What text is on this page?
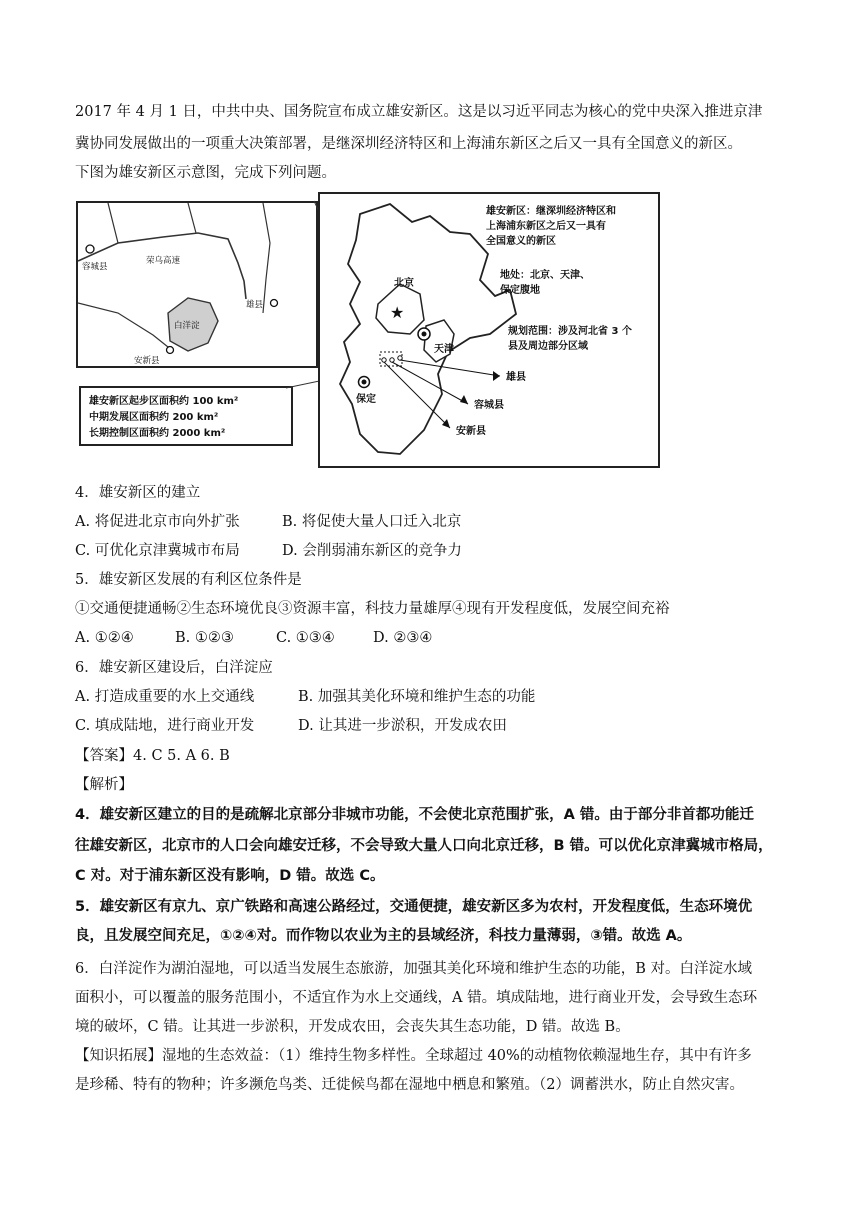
2017 年 4 月 1 日，中共中央、国务院宣布成立雄安新区。这是以习近平同志为核心的党中央深入推进京津
冀协同发展做出的一项重大决策部署，是继深圳经济特区和上海浦东新区之后又一具有全国意义的新区。
下图为雄安新区示意图，完成下列问题。
容城县
荣乌高速
雄县
白洋淀
安新县
雄安新区起步区面积约 100 km²
中期发展区面积约 200 km²
长期控制区面积约 2000 km²
★
雄安新区：继深圳经济特区和
上海浦东新区之后又一具有
全国意义的新区
地处：北京、天津、
保定腹地
规划范围：涉及河北省 3 个
县及周边部分区域
北京
天津
保定
雄县
容城县
安新县
4．雄安新区的建立
A. 将促进北京市向外扩张	B. 将促使大量人口迁入北京
C. 可优化京津冀城市布局	D. 会削弱浦东新区的竞争力
5．雄安新区发展的有利区位条件是
①交通便捷通畅②生态环境优良③资源丰富，科技力量雄厚④现有开发程度低，发展空间充裕
A. ①②④	B. ①②③	C. ①③④	D. ②③④
6．雄安新区建设后，白洋淀应
A. 打造成重要的水上交通线	B. 加强其美化环境和维护生态的功能
C. 填成陆地，进行商业开发	D. 让其进一步淤积，开发成农田
【答案】4. C 5. A 6. B
【解析】
4．雄安新区建立的目的是疏解北京部分非城市功能，不会使北京范围扩张，A 错。由于部分非首都功能迁
往雄安新区，北京市的人口会向雄安迁移，不会导致大量人口向北京迁移，B 错。可以优化京津冀城市格局，
C 对。对于浦东新区没有影响，D 错。故选 C。
5．雄安新区有京九、京广铁路和高速公路经过，交通便捷，雄安新区多为农村，开发程度低，生态环境优
良，且发展空间充足，①②④对。而作物以农业为主的县域经济，科技力量薄弱，③错。故选 A。
6．白洋淀作为湖泊湿地，可以适当发展生态旅游，加强其美化环境和维护生态的功能，B 对。白洋淀水域
面积小，可以覆盖的服务范围小，不适宜作为水上交通线，A 错。填成陆地，进行商业开发，会导致生态环
境的破坏，C 错。让其进一步淤积，开发成农田，会丧失其生态功能，D 错。故选 B。
【知识拓展】湿地的生态效益：（1）维持生物多样性。全球超过 40%的动植物依赖湿地生存，其中有许多
是珍稀、特有的物种；许多濒危鸟类、迁徙候鸟都在湿地中栖息和繁殖。（2）调蓄洪水，防止自然灾害。
